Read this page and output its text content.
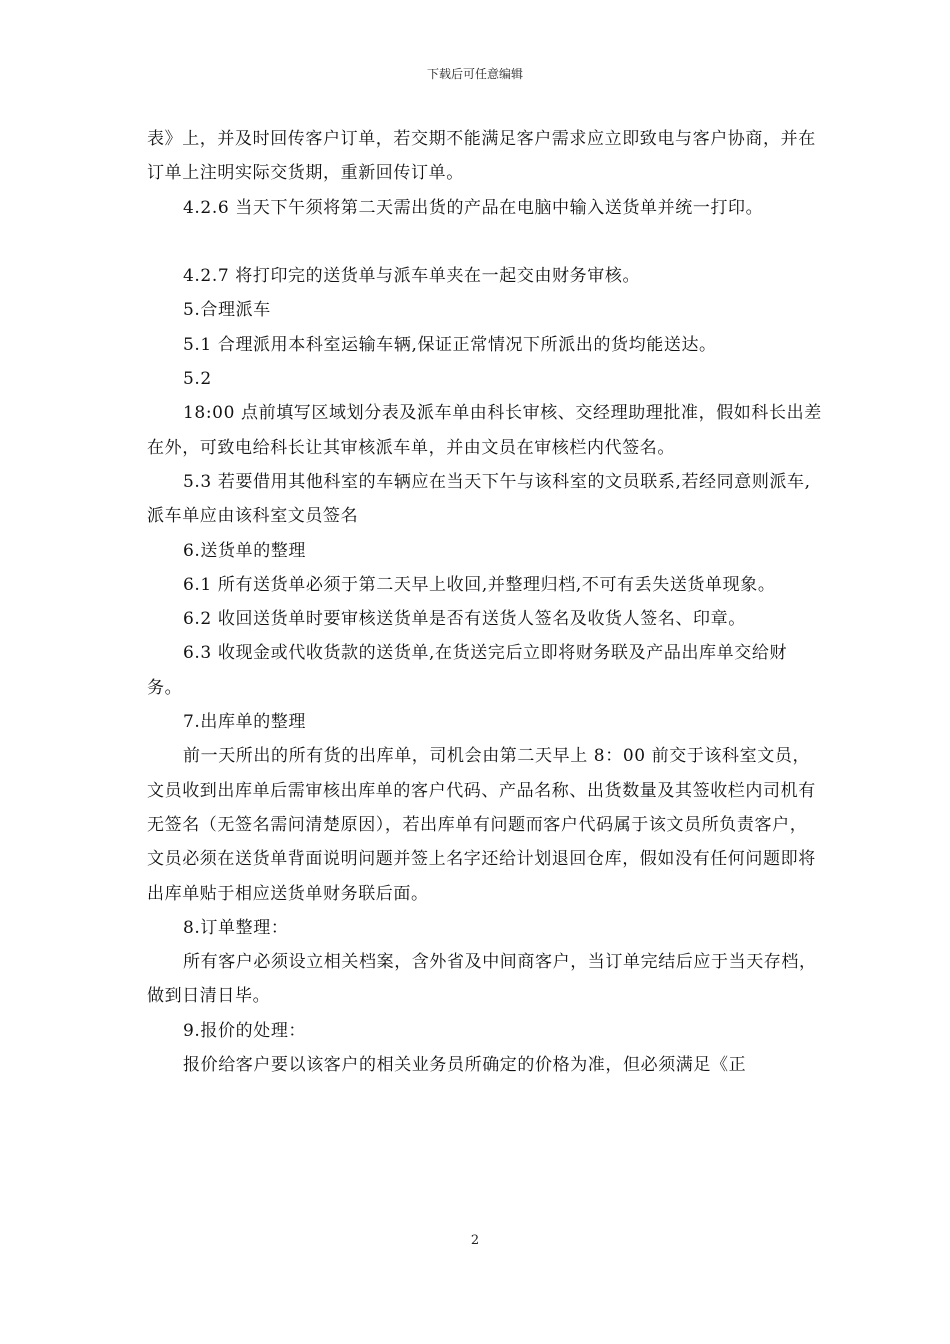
下载后可任意编辑

表》上，并及时回传客户订单，若交期不能满足客户需求应立即致电与客户协商，并在订单上注明实际交货期，重新回传订单。

4.2.6 当天下午须将第二天需出货的产品在电脑中输入送货单并统一打印。

4.2.7 将打印完的送货单与派车单夹在一起交由财务审核。

5.合理派车

5.1 合理派用本科室运输车辆,保证正常情况下所派出的货均能送达。

5.2

18:00 点前填写区域划分表及派车单由科长审核、交经理助理批准，假如科长出差在外，可致电给科长让其审核派车单，并由文员在审核栏内代签名。

5.3 若要借用其他科室的车辆应在当天下午与该科室的文员联系,若经同意则派车,派车单应由该科室文员签名

6.送货单的整理

6.1 所有送货单必须于第二天早上收回,并整理归档,不可有丢失送货单现象。

6.2 收回送货单时要审核送货单是否有送货人签名及收货人签名、印章。

6.3 收现金或代收货款的送货单,在货送完后立即将财务联及产品出库单交给财务。

7.出库单的整理

前一天所出的所有货的出库单，司机会由第二天早上 8：00 前交于该科室文员，文员收到出库单后需审核出库单的客户代码、产品名称、出货数量及其签收栏内司机有无签名（无签名需问清楚原因），若出库单有问题而客户代码属于该文员所负责客户，文员必须在送货单背面说明问题并签上名字还给计划退回仓库，假如没有任何问题即将出库单贴于相应送货单财务联后面。

8.订单整理：

所有客户必须设立相关档案，含外省及中间商客户，当订单完结后应于当天存档，做到日清日毕。

9.报价的处理：

报价给客户要以该客户的相关业务员所确定的价格为准，但必须满足《正

2
